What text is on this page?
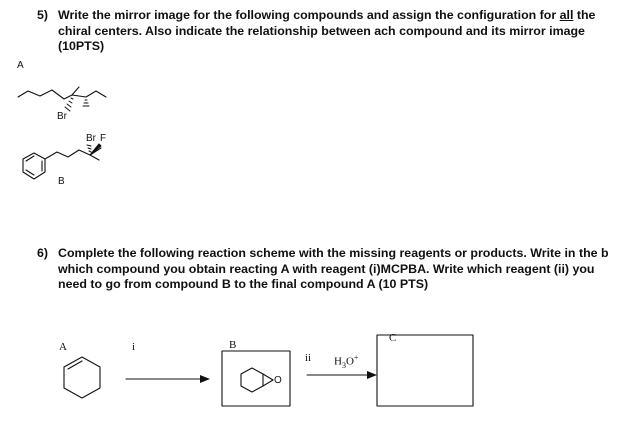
5) Write the mirror image for the following compounds and assign the configuration for all the
chiral centers. Also indicate the relationship between ach compound and its mirror image
(10PTS)
A
B
6) Complete the following reaction scheme with the missing reagents or products. Write in the b
which compound you obtain reacting A with reagent (i)MCPBA. Write which reagent (ii) you
need to go from compound B to the final compound A (10 PTS)
A	i	B
ii $H_3O^+$
C
Br
Br F
O
